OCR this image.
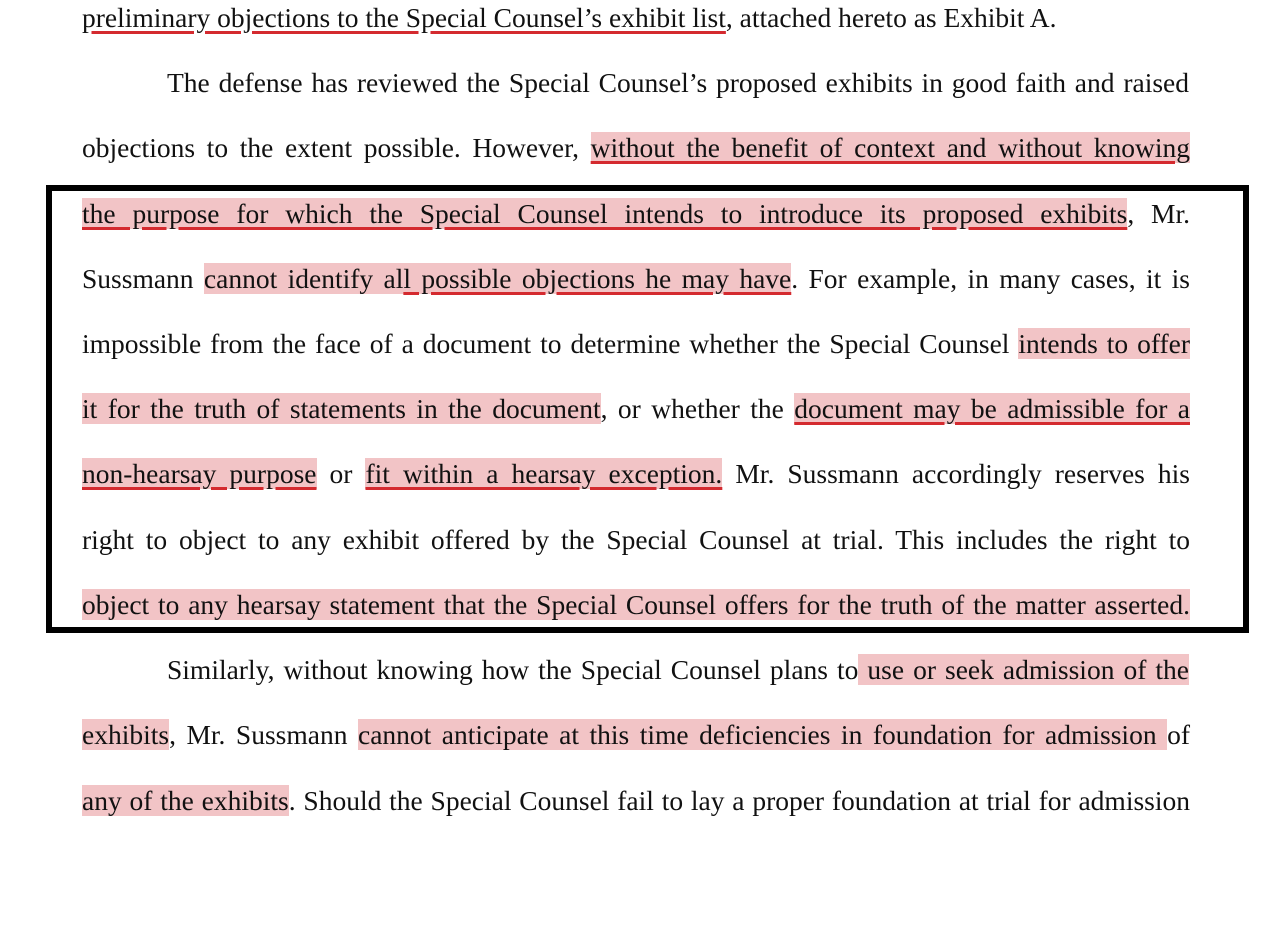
preliminary objections to the Special Counsel’s exhibit list, attached hereto as Exhibit A.
The defense has reviewed the Special Counsel’s proposed exhibits in good faith and raised
objections to the extent possible. However, without the benefit of context and without knowing
the purpose for which the Special Counsel intends to introduce its proposed exhibits, Mr.
Sussmann cannot identify all possible objections he may have. For example, in many cases, it is
impossible from the face of a document to determine whether the Special Counsel intends to offer
it for the truth of statements in the document, or whether the document may be admissible for a
non-hearsay purpose or fit within a hearsay exception. Mr. Sussmann accordingly reserves his
right to object to any exhibit offered by the Special Counsel at trial. This includes the right to
object to any hearsay statement that the Special Counsel offers for the truth of the matter asserted.
Similarly, without knowing how the Special Counsel plans to use or seek admission of the
exhibits, Mr. Sussmann cannot anticipate at this time deficiencies in foundation for admission of
any of the exhibits. Should the Special Counsel fail to lay a proper foundation at trial for admission
